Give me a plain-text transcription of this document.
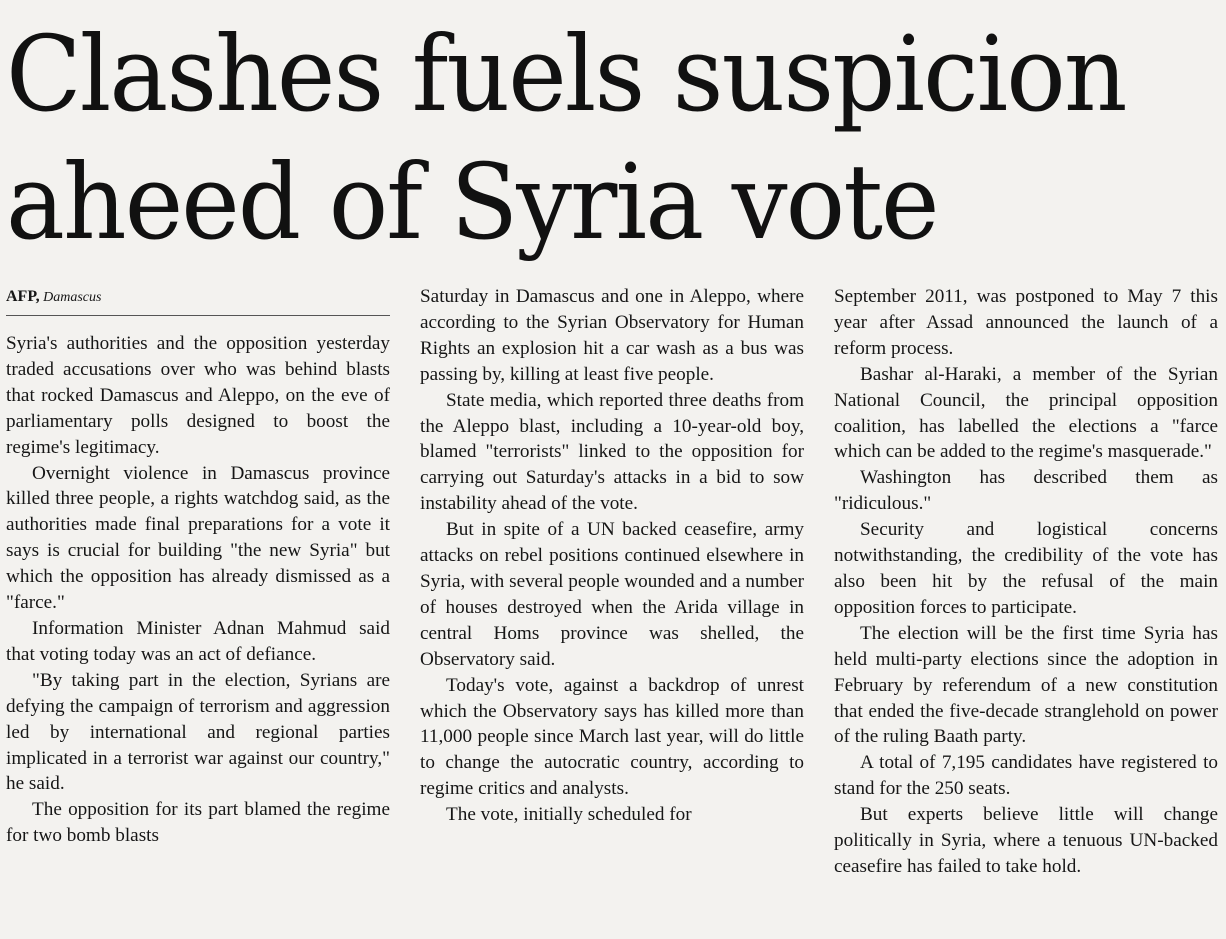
Clashes fuels suspicion
aheed of Syria vote
AFP, Damascus

Syria's authorities and the opposition yesterday traded accusations over who was behind blasts that rocked Damascus and Aleppo, on the eve of parliamentary polls designed to boost the regime's legitimacy.

Overnight violence in Damascus province killed three people, a rights watchdog said, as the authorities made final preparations for a vote it says is crucial for building "the new Syria" but which the opposition has already dismissed as a "farce."

Information Minister Adnan Mahmud said that voting today was an act of defiance.

"By taking part in the election, Syrians are defying the campaign of terrorism and aggression led by international and regional parties implicated in a terrorist war against our country," he said.

The opposition for its part blamed the regime for two bomb blasts

Saturday in Damascus and one in Aleppo, where according to the Syrian Observatory for Human Rights an explosion hit a car wash as a bus was passing by, killing at least five people.

State media, which reported three deaths from the Aleppo blast, including a 10-year-old boy, blamed "terrorists" linked to the opposition for carrying out Saturday's attacks in a bid to sow instability ahead of the vote.

But in spite of a UN backed ceasefire, army attacks on rebel positions continued elsewhere in Syria, with several people wounded and a number of houses destroyed when the Arida village in central Homs province was shelled, the Observatory said.

Today's vote, against a backdrop of unrest which the Observatory says has killed more than 11,000 people since March last year, will do little to change the autocratic country, according to regime critics and analysts.

The vote, initially scheduled for

September 2011, was postponed to May 7 this year after Assad announced the launch of a reform process.

Bashar al-Haraki, a member of the Syrian National Council, the principal opposition coalition, has labelled the elections a "farce which can be added to the regime's masquerade."

Washington has described them as "ridiculous."

Security and logistical concerns notwithstanding, the credibility of the vote has also been hit by the refusal of the main opposition forces to participate.

The election will be the first time Syria has held multi-party elections since the adoption in February by referendum of a new constitution that ended the five-decade stranglehold on power of the ruling Baath party.

A total of 7,195 candidates have registered to stand for the 250 seats.

But experts believe little will change politically in Syria, where a tenuous UN-backed ceasefire has failed to take hold.
